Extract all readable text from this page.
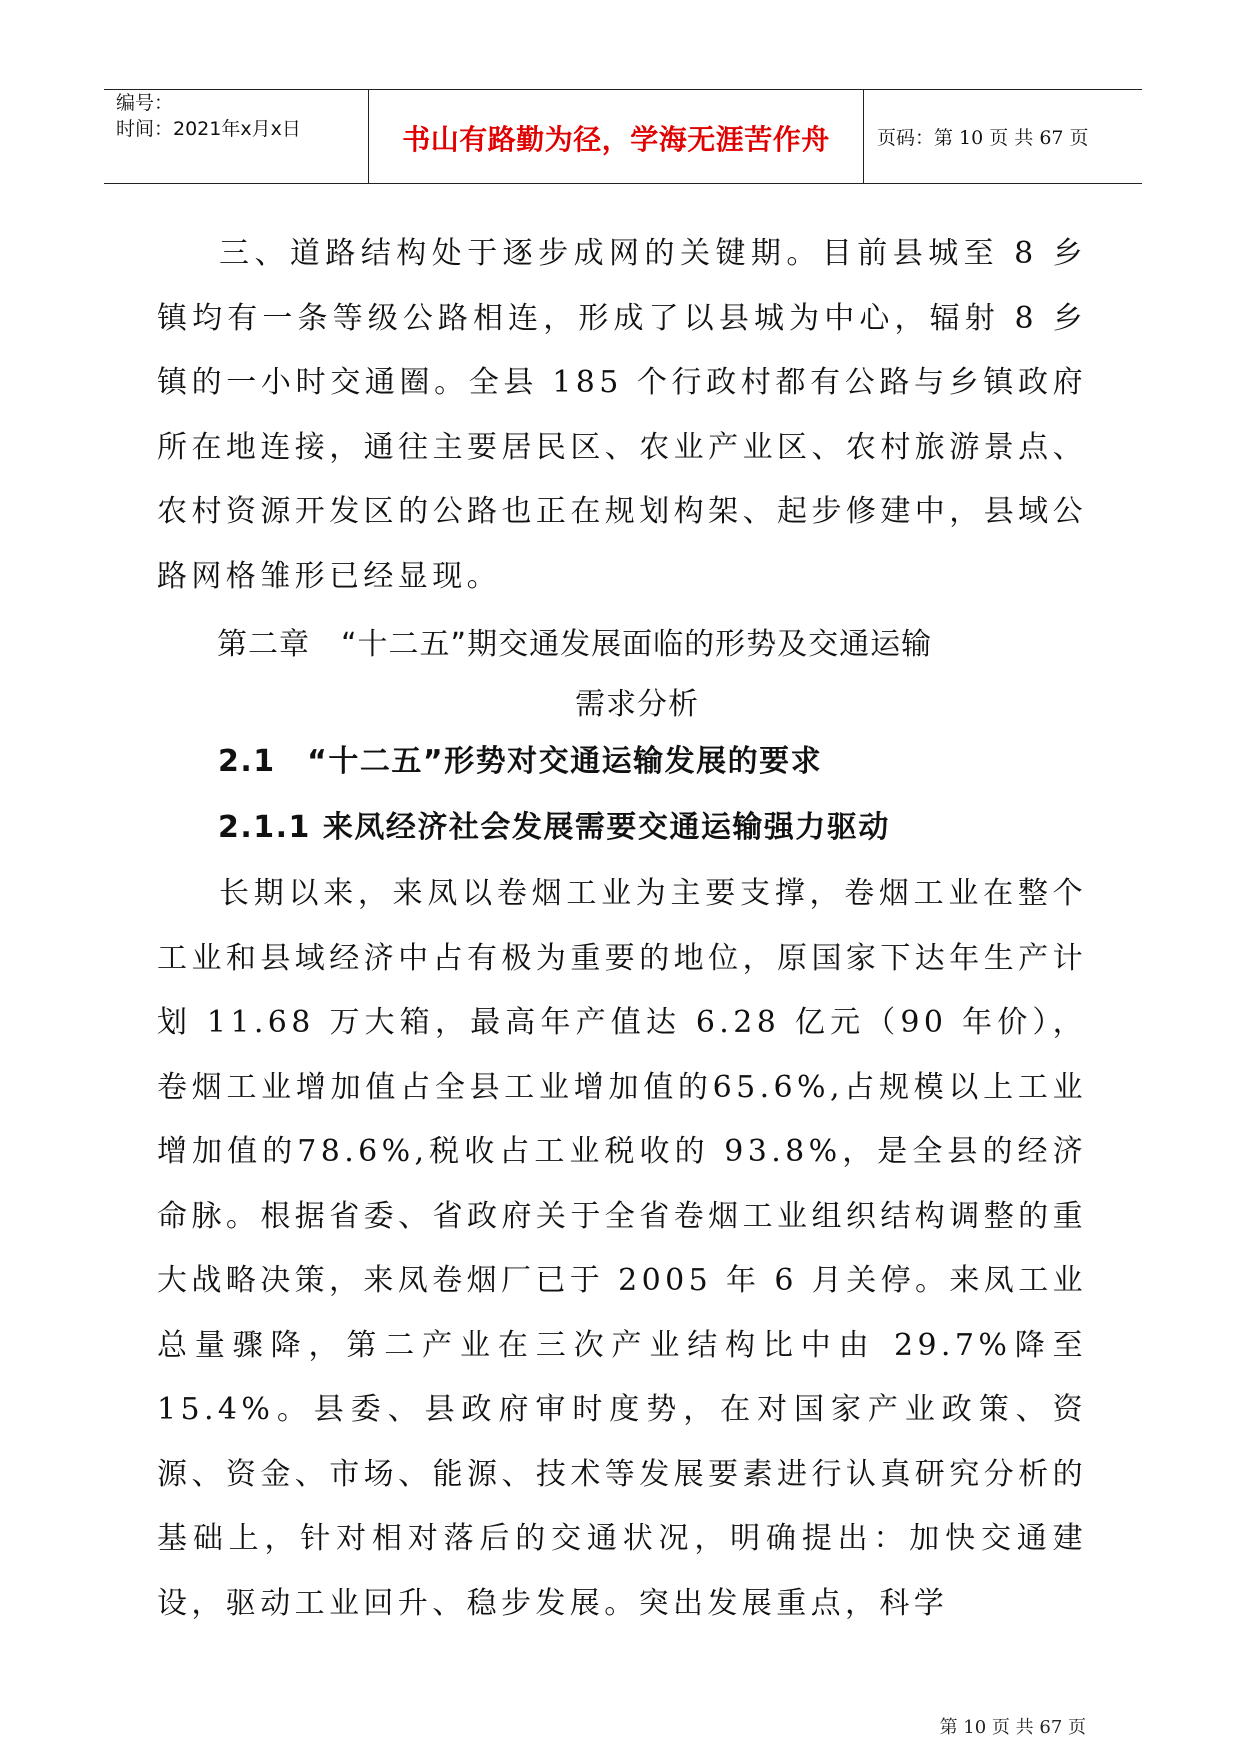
编号：
时间：2021年x月x日	书山有路勤为径，学海无涯苦作舟	页码：第 10 页 共 67 页

三、道路结构处于逐步成网的关键期。目前县城至 8 乡镇均有一条等级公路相连，形成了以县城为中心，辐射 8 乡镇的一小时交通圈。全县 185 个行政村都有公路与乡镇政府所在地连接，通往主要居民区、农业产业区、农村旅游景点、农村资源开发区的公路也正在规划构架、起步修建中，县域公路网格雏形已经显现。

第二章　“十二五”期交通发展面临的形势及交通运输
需求分析
2.1　“十二五”形势对交通运输发展的要求
2.1.1 来凤经济社会发展需要交通运输强力驱动

长期以来，来凤以卷烟工业为主要支撑，卷烟工业在整个工业和县域经济中占有极为重要的地位，原国家下达年生产计划 11.68 万大箱，最高年产值达 6.28 亿元（90 年价），卷烟工业增加值占全县工业增加值的65.6%,占规模以上工业增加值的78.6%,税收占工业税收的 93.8%，是全县的经济命脉。根据省委、省政府关于全省卷烟工业组织结构调整的重大战略决策，来凤卷烟厂已于 2005 年 6 月关停。来凤工业总量骤降，第二产业在三次产业结构比中由 29.7%降至 15.4%。县委、县政府审时度势，在对国家产业政策、资源、资金、市场、能源、技术等发展要素进行认真研究分析的基础上，针对相对落后的交通状况，明确提出：加快交通建设，驱动工业回升、稳步发展。突出发展重点，科学

第 10 页 共 67 页
